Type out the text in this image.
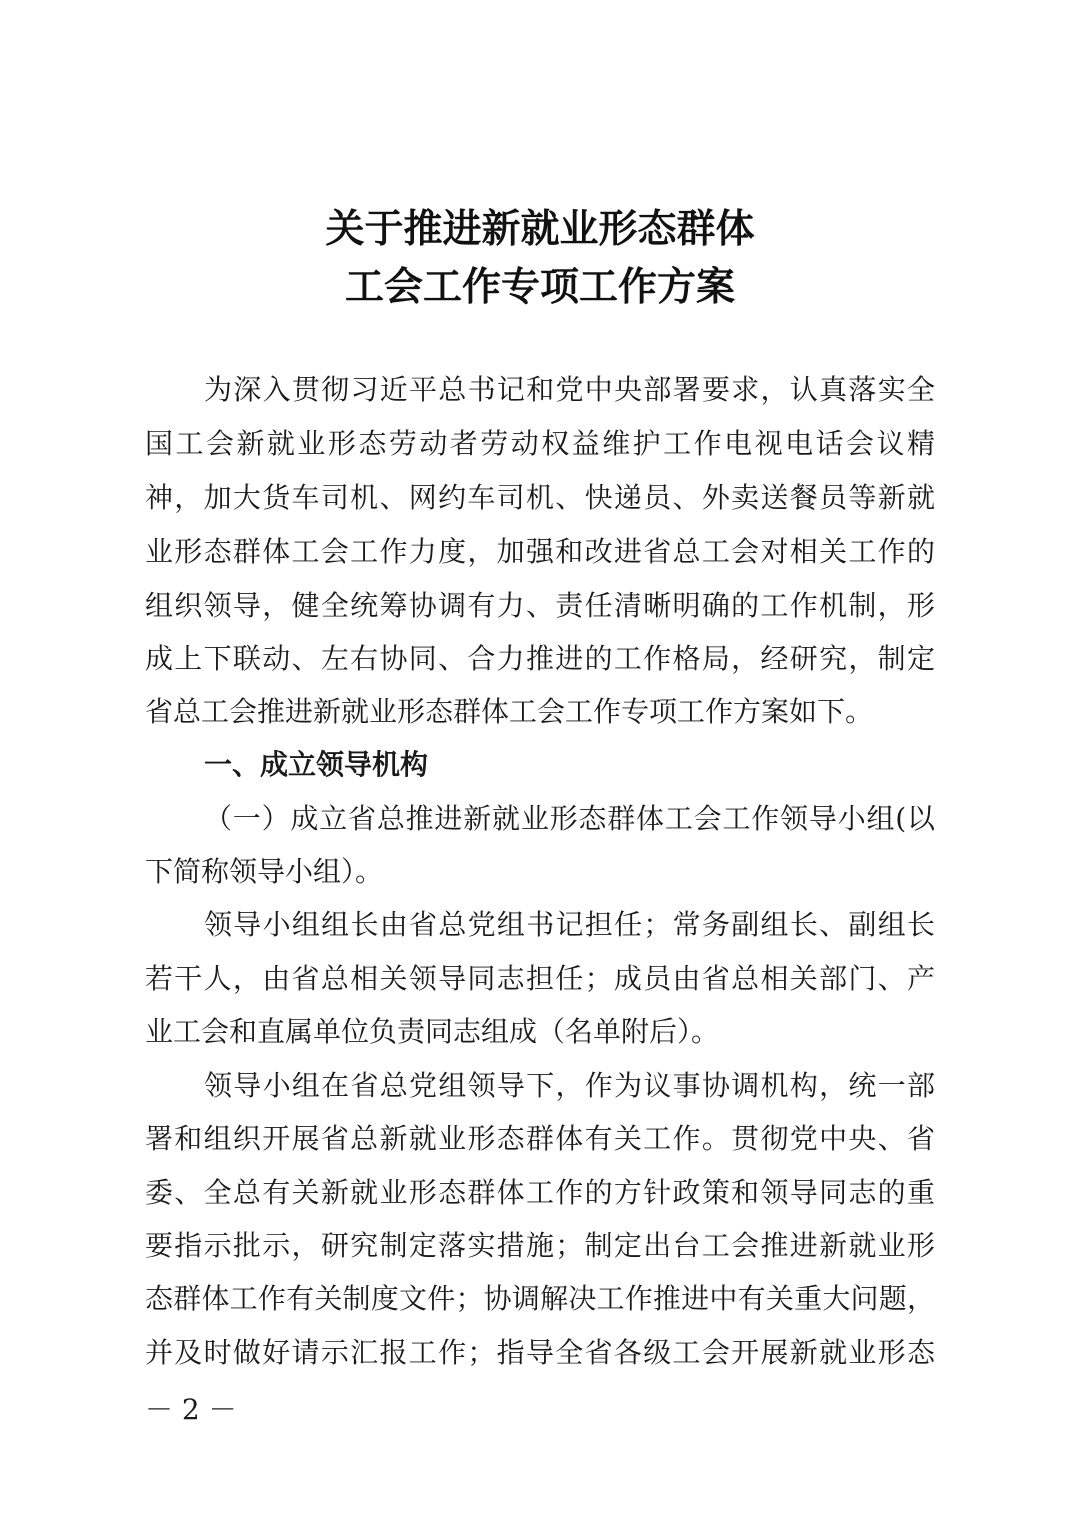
关于推进新就业形态群体
工会工作专项工作方案
为深入贯彻习近平总书记和党中央部署要求，认真落实全
国工会新就业形态劳动者劳动权益维护工作电视电话会议精
神，加大货车司机、网约车司机、快递员、外卖送餐员等新就
业形态群体工会工作力度，加强和改进省总工会对相关工作的
组织领导，健全统筹协调有力、责任清晰明确的工作机制，形
成上下联动、左右协同、合力推进的工作格局，经研究，制定
省总工会推进新就业形态群体工会工作专项工作方案如下。
一、成立领导机构
（一）成立省总推进新就业形态群体工会工作领导小组(以
下简称领导小组）。
领导小组组长由省总党组书记担任；常务副组长、副组长
若干人，由省总相关领导同志担任；成员由省总相关部门、产
业工会和直属单位负责同志组成（名单附后）。
领导小组在省总党组领导下，作为议事协调机构，统一部
署和组织开展省总新就业形态群体有关工作。贯彻党中央、省
委、全总有关新就业形态群体工作的方针政策和领导同志的重
要指示批示，研究制定落实措施；制定出台工会推进新就业形
态群体工作有关制度文件；协调解决工作推进中有关重大问题，
并及时做好请示汇报工作；指导全省各级工会开展新就业形态
－ 2 －
